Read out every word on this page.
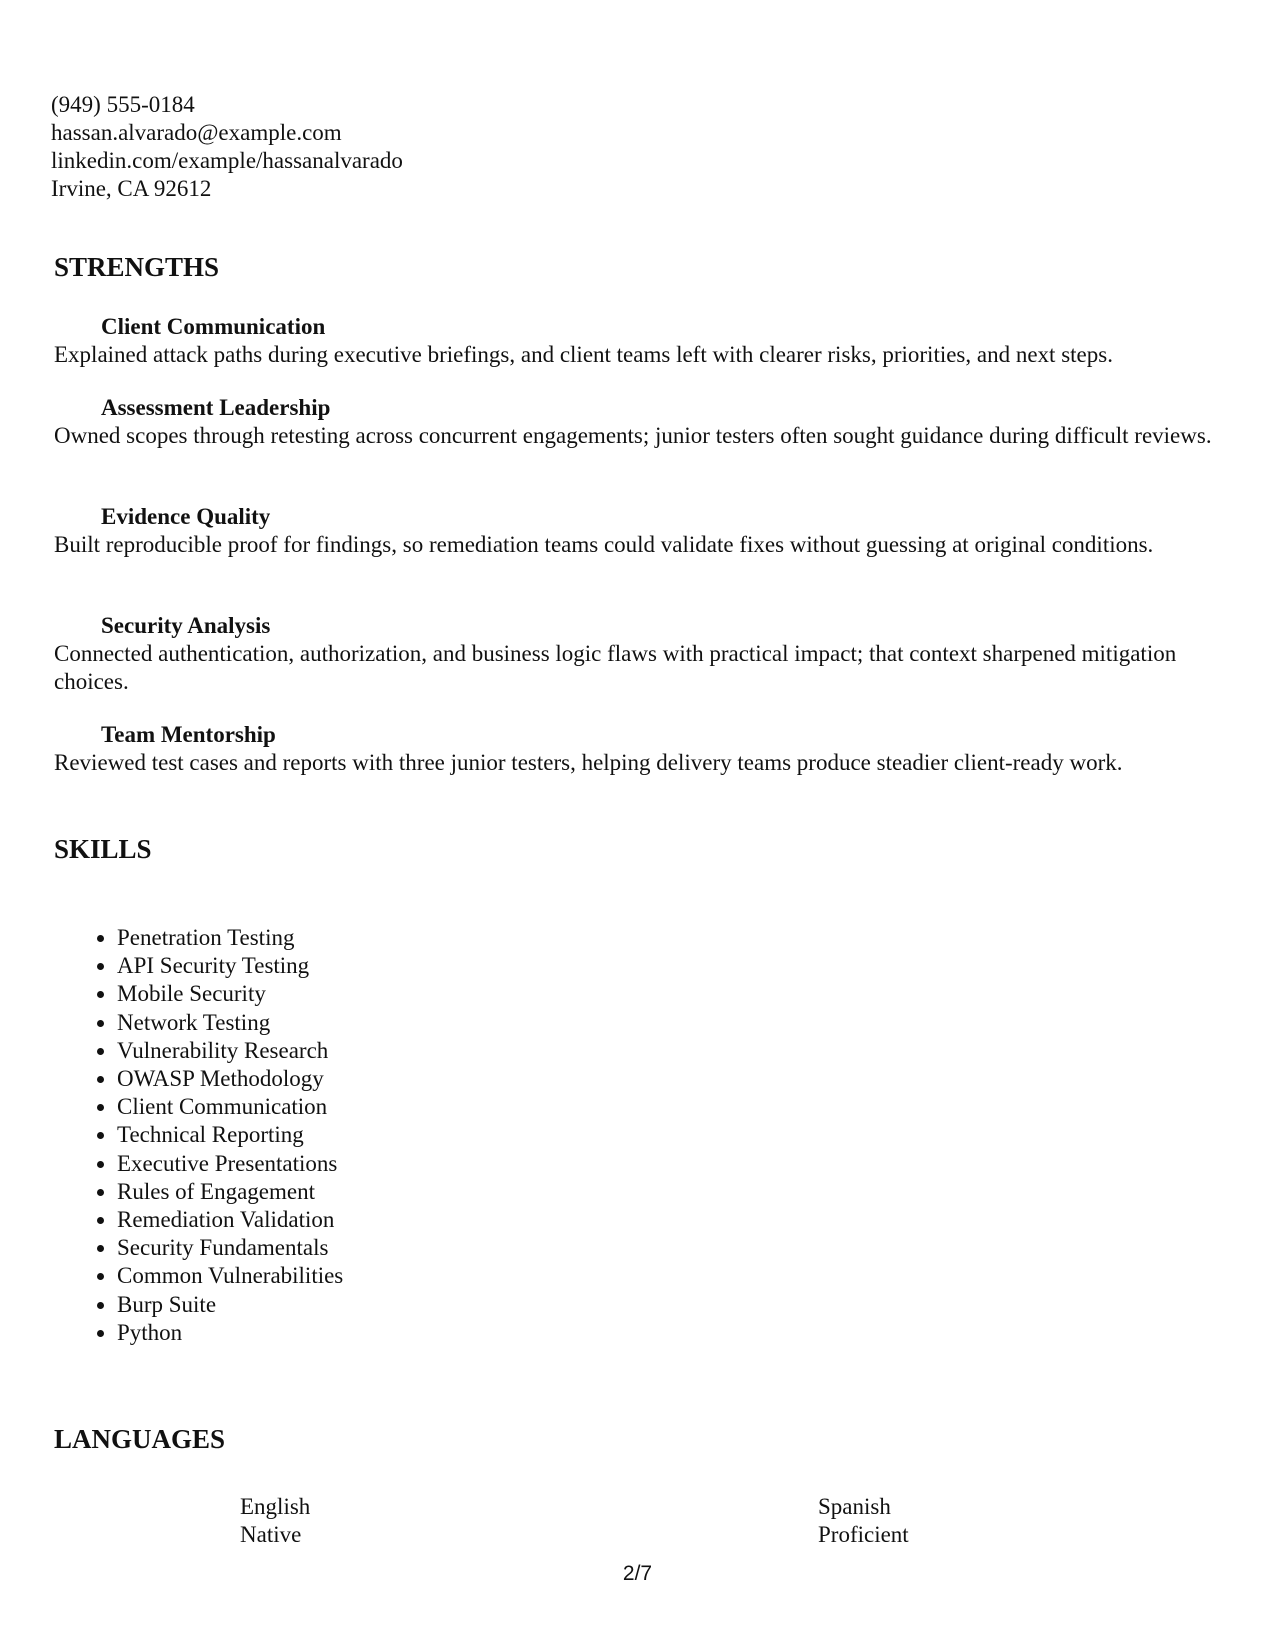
(949) 555-0184
hassan.alvarado@example.com
linkedin.com/example/hassanalvarado
Irvine, CA 92612
STRENGTHS
Client Communication

Explained attack paths during executive briefings, and client teams left with clearer risks, priorities, and next steps.

Assessment Leadership

Owned scopes through retesting across concurrent engagements; junior testers often sought guidance during difficult reviews.

Evidence Quality

Built reproducible proof for findings, so remediation teams could validate fixes without guessing at original conditions.

Security Analysis

Connected authentication, authorization, and business logic flaws with practical impact; that context sharpened mitigation choices.

Team Mentorship

Reviewed test cases and reports with three junior testers, helping delivery teams produce steadier client-ready work.

SKILLS
• Penetration Testing
• API Security Testing
• Mobile Security
• Network Testing
• Vulnerability Research
• OWASP Methodology
• Client Communication
• Technical Reporting
• Executive Presentations
• Rules of Engagement
• Remediation Validation
• Security Fundamentals
• Common Vulnerabilities
• Burp Suite
• Python
LANGUAGES
English
Native
Spanish
Proficient
2/7
